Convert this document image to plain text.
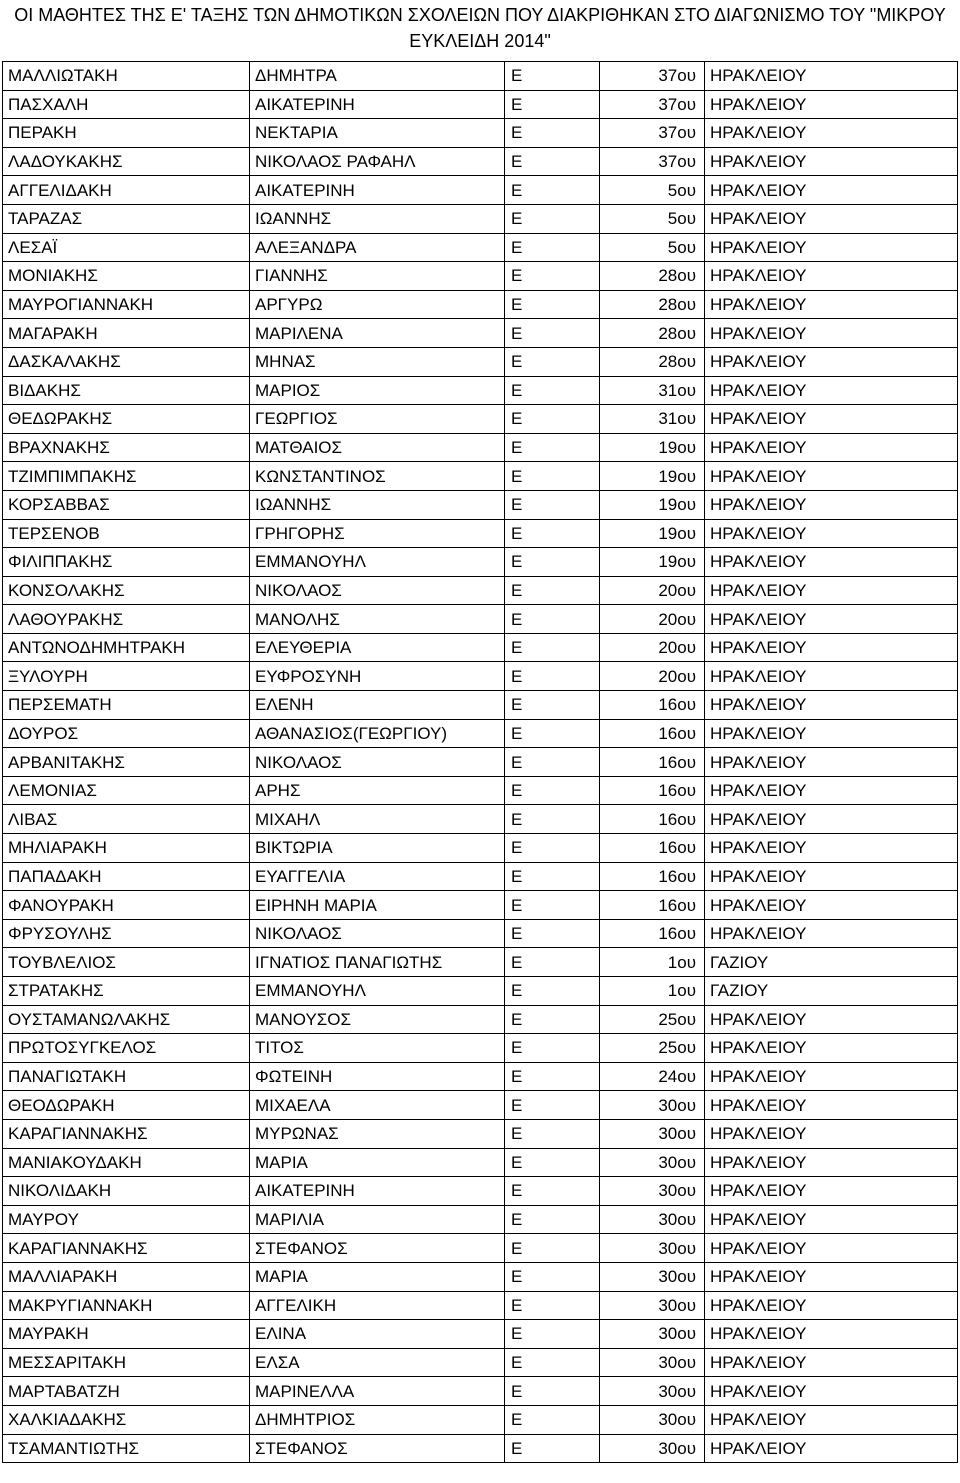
ΟΙ ΜΑΘΗΤΕΣ ΤΗΣ Ε' ΤΑΞΗΣ ΤΩΝ ΔΗΜΟΤΙΚΩΝ ΣΧΟΛΕΙΩΝ ΠΟΥ ΔΙΑΚΡΙΘΗΚΑΝ ΣΤΟ ΔΙΑΓΩΝΙΣΜΟ ΤΟΥ "ΜΙΚΡΟΥ
ΕΥΚΛΕΙΔΗ 2014"
ΜΑΛΛΙΩΤΑΚΗ	ΔΗΜΗΤΡΑ	Ε	37ου	ΗΡΑΚΛΕΙΟΥ
ΠΑΣΧΑΛΗ	ΑΙΚΑΤΕΡΙΝΗ	Ε	37ου	ΗΡΑΚΛΕΙΟΥ
ΠΕΡΑΚΗ	ΝΕΚΤΑΡΙΑ	Ε	37ου	ΗΡΑΚΛΕΙΟΥ
ΛΑΔΟΥΚΑΚΗΣ	ΝΙΚΟΛΑΟΣ ΡΑΦΑΗΛ	Ε	37ου	ΗΡΑΚΛΕΙΟΥ
ΑΓΓΕΛΙΔΑΚΗ	ΑΙΚΑΤΕΡΙΝΗ	Ε	5ου	ΗΡΑΚΛΕΙΟΥ
ΤΑΡΑΖΑΣ	ΙΩΑΝΝΗΣ	Ε	5ου	ΗΡΑΚΛΕΙΟΥ
ΛΕΣΑΪ	ΑΛΕΞΑΝΔΡΑ	Ε	5ου	ΗΡΑΚΛΕΙΟΥ
ΜΟΝΙΑΚΗΣ	ΓΙΑΝΝΗΣ	Ε	28ου	ΗΡΑΚΛΕΙΟΥ
ΜΑΥΡΟΓΙΑΝΝΑΚΗ	ΑΡΓΥΡΩ	Ε	28ου	ΗΡΑΚΛΕΙΟΥ
ΜΑΓΑΡΑΚΗ	ΜΑΡΙΛΕΝΑ	Ε	28ου	ΗΡΑΚΛΕΙΟΥ
ΔΑΣΚΑΛΑΚΗΣ	ΜΗΝΑΣ	Ε	28ου	ΗΡΑΚΛΕΙΟΥ
ΒΙΔΑΚΗΣ	ΜΑΡΙΟΣ	Ε	31ου	ΗΡΑΚΛΕΙΟΥ
ΘΕΔΩΡΑΚΗΣ	ΓΕΩΡΓΙΟΣ	Ε	31ου	ΗΡΑΚΛΕΙΟΥ
ΒΡΑΧΝΑΚΗΣ	ΜΑΤΘΑΙΟΣ	Ε	19ου	ΗΡΑΚΛΕΙΟΥ
ΤΖΙΜΠΙΜΠΑΚΗΣ	ΚΩΝΣΤΑΝΤΙΝΟΣ	Ε	19ου	ΗΡΑΚΛΕΙΟΥ
ΚΟΡΣΑΒΒΑΣ	ΙΩΑΝΝΗΣ	Ε	19ου	ΗΡΑΚΛΕΙΟΥ
ΤΕΡΣΕΝΟΒ	ΓΡΗΓΟΡΗΣ	Ε	19ου	ΗΡΑΚΛΕΙΟΥ
ΦΙΛΙΠΠΑΚΗΣ	ΕΜΜΑΝΟΥΗΛ	Ε	19ου	ΗΡΑΚΛΕΙΟΥ
ΚΟΝΣΟΛΑΚΗΣ	ΝΙΚΟΛΑΟΣ	Ε	20ου	ΗΡΑΚΛΕΙΟΥ
ΛΑΘΟΥΡΑΚΗΣ	ΜΑΝΟΛΗΣ	Ε	20ου	ΗΡΑΚΛΕΙΟΥ
ΑΝΤΩΝΟΔΗΜΗΤΡΑΚΗ	ΕΛΕΥΘΕΡΙΑ	Ε	20ου	ΗΡΑΚΛΕΙΟΥ
ΞΥΛΟΥΡΗ	ΕΥΦΡΟΣΥΝΗ	Ε	20ου	ΗΡΑΚΛΕΙΟΥ
ΠΕΡΣΕΜΑΤΗ	ΕΛΕΝΗ	Ε	16ου	ΗΡΑΚΛΕΙΟΥ
ΔΟΥΡΟΣ	ΑΘΑΝΑΣΙΟΣ(ΓΕΩΡΓΙΟΥ)	Ε	16ου	ΗΡΑΚΛΕΙΟΥ
ΑΡΒΑΝΙΤΑΚΗΣ	ΝΙΚΟΛΑΟΣ	Ε	16ου	ΗΡΑΚΛΕΙΟΥ
ΛΕΜΟΝΙΑΣ	ΑΡΗΣ	Ε	16ου	ΗΡΑΚΛΕΙΟΥ
ΛΙΒΑΣ	ΜΙΧΑΗΛ	Ε	16ου	ΗΡΑΚΛΕΙΟΥ
ΜΗΛΙΑΡΑΚΗ	ΒΙΚΤΩΡΙΑ	Ε	16ου	ΗΡΑΚΛΕΙΟΥ
ΠΑΠΑΔΑΚΗ	ΕΥΑΓΓΕΛΙΑ	Ε	16ου	ΗΡΑΚΛΕΙΟΥ
ΦΑΝΟΥΡΑΚΗ	ΕΙΡΗΝΗ ΜΑΡΙΑ	Ε	16ου	ΗΡΑΚΛΕΙΟΥ
ΦΡΥΣΟΥΛΗΣ	ΝΙΚΟΛΑΟΣ	Ε	16ου	ΗΡΑΚΛΕΙΟΥ
ΤΟΥΒΛΕΛΙΟΣ	ΙΓΝΑΤΙΟΣ ΠΑΝΑΓΙΩΤΗΣ	Ε	1ου	ΓΑΖΙΟΥ
ΣΤΡΑΤΑΚΗΣ	ΕΜΜΑΝΟΥΗΛ	Ε	1ου	ΓΑΖΙΟΥ
ΟΥΣΤΑΜΑΝΩΛΑΚΗΣ	ΜΑΝΟΥΣΟΣ	Ε	25ου	ΗΡΑΚΛΕΙΟΥ
ΠΡΩΤΟΣΥΓΚΕΛΟΣ	ΤΙΤΟΣ	Ε	25ου	ΗΡΑΚΛΕΙΟΥ
ΠΑΝΑΓΙΩΤΑΚΗ	ΦΩΤΕΙΝΗ	Ε	24ου	ΗΡΑΚΛΕΙΟΥ
ΘΕΟΔΩΡΑΚΗ	ΜΙΧΑΕΛΑ	Ε	30ου	ΗΡΑΚΛΕΙΟΥ
ΚΑΡΑΓΙΑΝΝΑΚΗΣ	ΜΥΡΩΝΑΣ	Ε	30ου	ΗΡΑΚΛΕΙΟΥ
ΜΑΝΙΑΚΟΥΔΑΚΗ	ΜΑΡΙΑ	Ε	30ου	ΗΡΑΚΛΕΙΟΥ
ΝΙΚΟΛΙΔΑΚΗ	ΑΙΚΑΤΕΡΙΝΗ	Ε	30ου	ΗΡΑΚΛΕΙΟΥ
ΜΑΥΡΟΥ	ΜΑΡΙΛΙΑ	Ε	30ου	ΗΡΑΚΛΕΙΟΥ
ΚΑΡΑΓΙΑΝΝΑΚΗΣ	ΣΤΕΦΑΝΟΣ	Ε	30ου	ΗΡΑΚΛΕΙΟΥ
ΜΑΛΛΙΑΡΑΚΗ	ΜΑΡΙΑ	Ε	30ου	ΗΡΑΚΛΕΙΟΥ
ΜΑΚΡΥΓΙΑΝΝΑΚΗ	ΑΓΓΕΛΙΚΗ	Ε	30ου	ΗΡΑΚΛΕΙΟΥ
ΜΑΥΡΑΚΗ	ΕΛΙΝΑ	Ε	30ου	ΗΡΑΚΛΕΙΟΥ
ΜΕΣΣΑΡΙΤΑΚΗ	ΕΛΣΑ	Ε	30ου	ΗΡΑΚΛΕΙΟΥ
ΜΑΡΤΑΒΑΤΖΗ	ΜΑΡΙΝΕΛΛΑ	Ε	30ου	ΗΡΑΚΛΕΙΟΥ
ΧΑΛΚΙΑΔΑΚΗΣ	ΔΗΜΗΤΡΙΟΣ	Ε	30ου	ΗΡΑΚΛΕΙΟΥ
ΤΣΑΜΑΝΤΙΩΤΗΣ	ΣΤΕΦΑΝΟΣ	Ε	30ου	ΗΡΑΚΛΕΙΟΥ
